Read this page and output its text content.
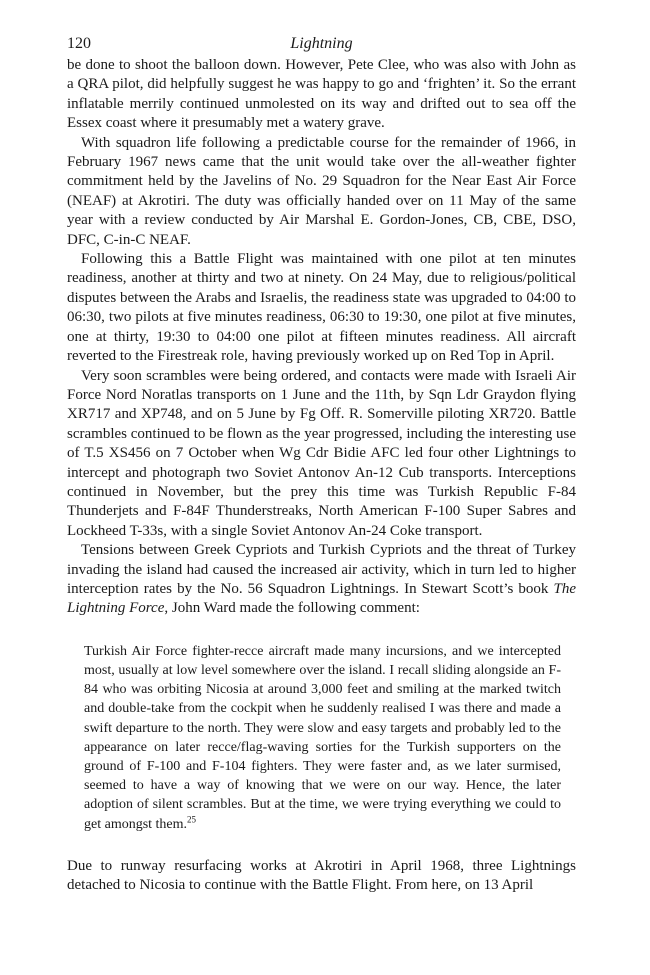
120	Lightning

be done to shoot the balloon down. However, Pete Clee, who was also with John as a QRA pilot, did helpfully suggest he was happy to go and ‘frighten’ it. So the errant inflatable merrily continued unmolested on its way and drifted out to sea off the Essex coast where it presumably met a watery grave.

With squadron life following a predictable course for the remainder of 1966, in February 1967 news came that the unit would take over the all-weather fighter commitment held by the Javelins of No. 29 Squadron for the Near East Air Force (NEAF) at Akrotiri. The duty was officially handed over on 11 May of the same year with a review conducted by Air Marshal E. Gordon-Jones, CB, CBE, DSO, DFC, C-in-C NEAF.

Following this a Battle Flight was maintained with one pilot at ten minutes readiness, another at thirty and two at ninety. On 24 May, due to religious/political disputes between the Arabs and Israelis, the readiness state was upgraded to 04:00 to 06:30, two pilots at five minutes readiness, 06:30 to 19:30, one pilot at five minutes, one at thirty, 19:30 to 04:00 one pilot at fifteen minutes readiness. All aircraft reverted to the Firestreak role, having previously worked up on Red Top in April.

Very soon scrambles were being ordered, and contacts were made with Israeli Air Force Nord Noratlas transports on 1 June and the 11th, by Sqn Ldr Graydon flying XR717 and XP748, and on 5 June by Fg Off. R. Somerville piloting XR720. Battle scrambles continued to be flown as the year progressed, including the interesting use of T.5 XS456 on 7 October when Wg Cdr Bidie AFC led four other Lightnings to intercept and photograph two Soviet Antonov An-12 Cub transports. Interceptions continued in November, but the prey this time was Turkish Republic F-84 Thunderjets and F-84F Thunderstreaks, North American F-100 Super Sabres and Lockheed T-33s, with a single Soviet Antonov An-24 Coke transport.

Tensions between Greek Cypriots and Turkish Cypriots and the threat of Turkey invading the island had caused the increased air activity, which in turn led to higher interception rates by the No. 56 Squadron Lightnings. In Stewart Scott’s book The Lightning Force, John Ward made the following comment:

Turkish Air Force fighter-recce aircraft made many incursions, and we intercepted most, usually at low level somewhere over the island. I recall sliding alongside an F-84 who was orbiting Nicosia at around 3,000 feet and smiling at the marked twitch and double-take from the cockpit when he suddenly realised I was there and made a swift departure to the north. They were slow and easy targets and probably led to the appearance on later recce/flag-waving sorties for the Turkish supporters on the ground of F-100 and F-104 fighters. They were faster and, as we later surmised, seemed to have a way of knowing that we were on our way. Hence, the later adoption of silent scrambles. But at the time, we were trying everything we could to get amongst them.$^{25}$

Due to runway resurfacing works at Akrotiri in April 1968, three Lightnings detached to Nicosia to continue with the Battle Flight. From here, on 13 April
